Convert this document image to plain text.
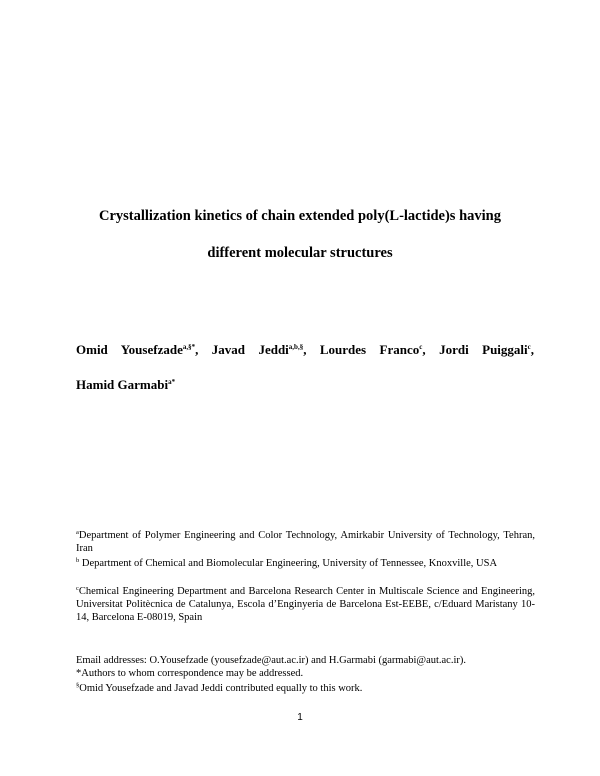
Crystallization kinetics of chain extended poly(L-lactide)s having

different molecular structures

Omid Yousefzade$^{a,\S*}$, Javad Jeddi$^{a,b,\S}$, Lourdes Franco$^c$, Jordi Puiggali$^c$,

Hamid Garmabi$^{a*}$

$^a$Department of Polymer Engineering and Color Technology, Amirkabir University of Technology, Tehran, Iran

$^b$ Department of Chemical and Biomolecular Engineering, University of Tennessee, Knoxville, USA

$^c$Chemical Engineering Department and Barcelona Research Center in Multiscale Science and Engineering, Universitat Politècnica de Catalunya, Escola d’Enginyeria de Barcelona Est-EEBE, c/Eduard Maristany 10-14, Barcelona E-08019, Spain

Email addresses: O.Yousefzade (yousefzade@aut.ac.ir) and H.Garmabi (garmabi@aut.ac.ir).

*Authors to whom correspondence may be addressed.

§Omid Yousefzade and Javad Jeddi contributed equally to this work.

1
